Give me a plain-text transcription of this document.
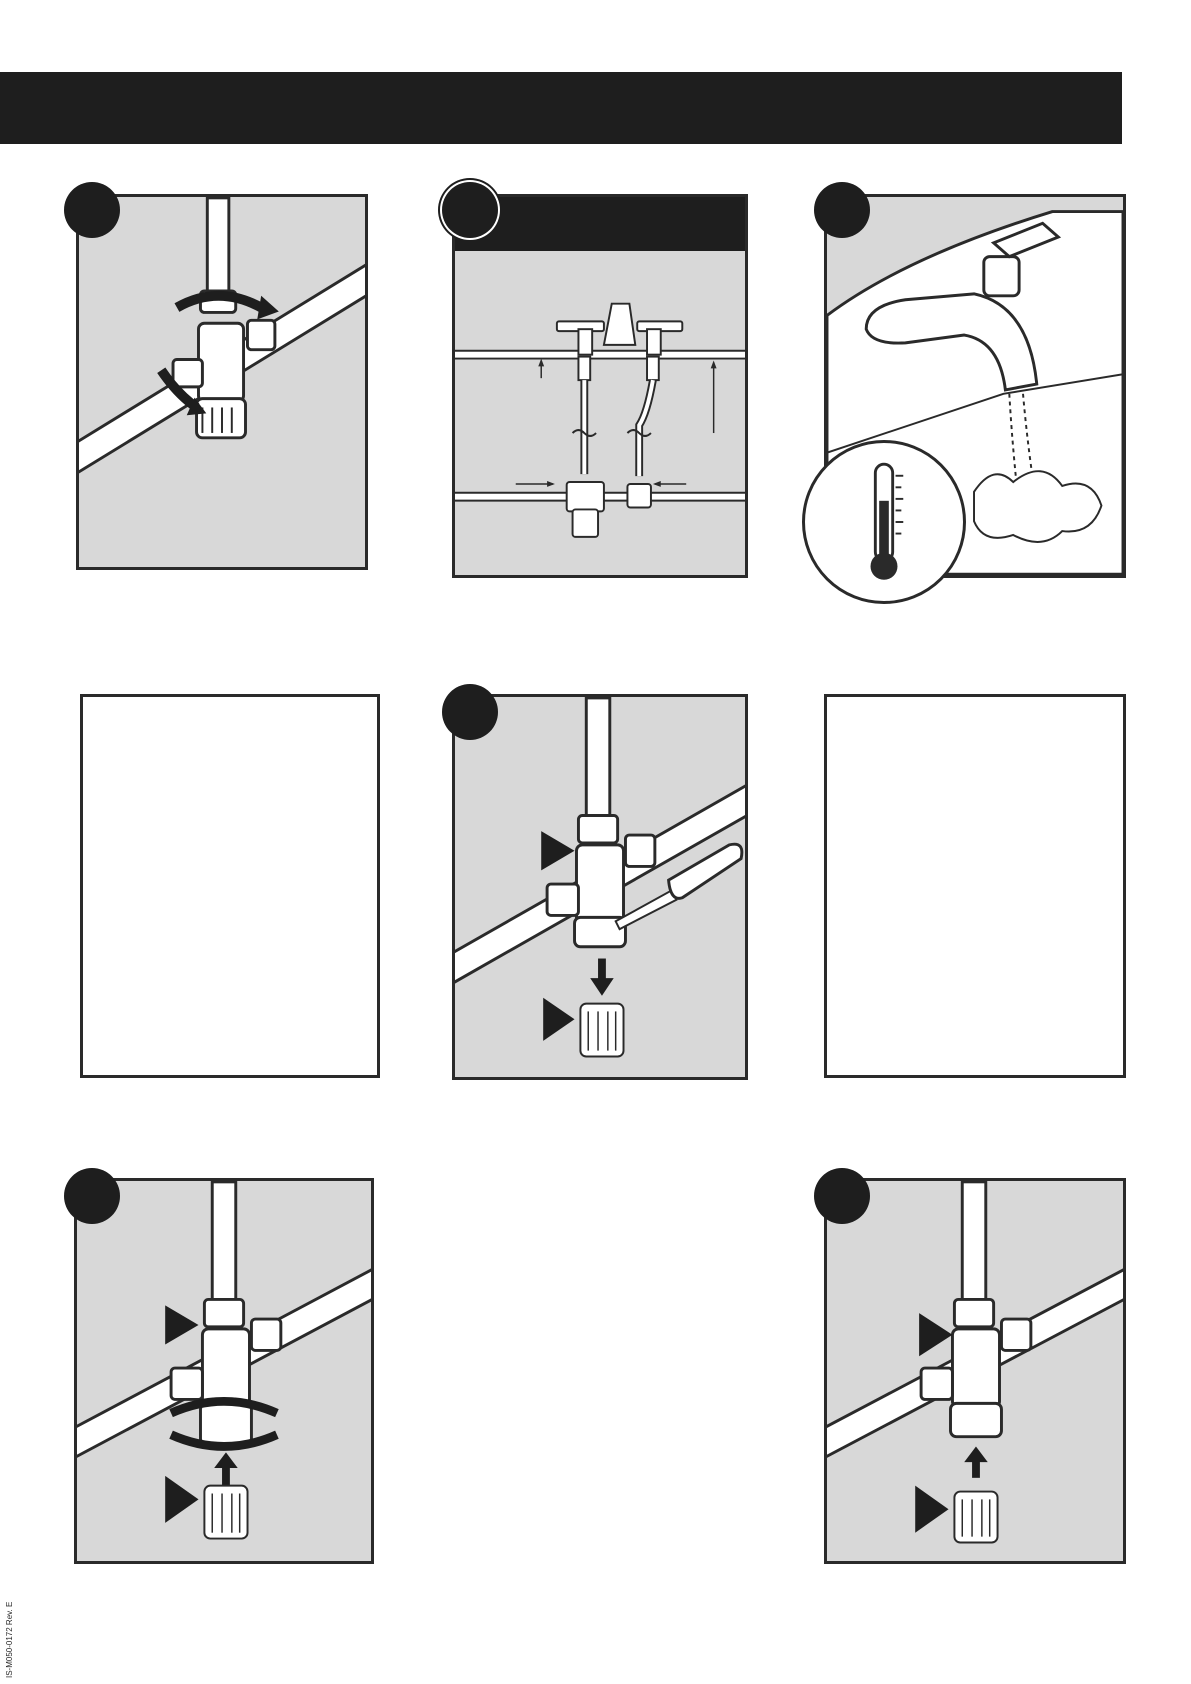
IS-M050-0172 Rev. E
